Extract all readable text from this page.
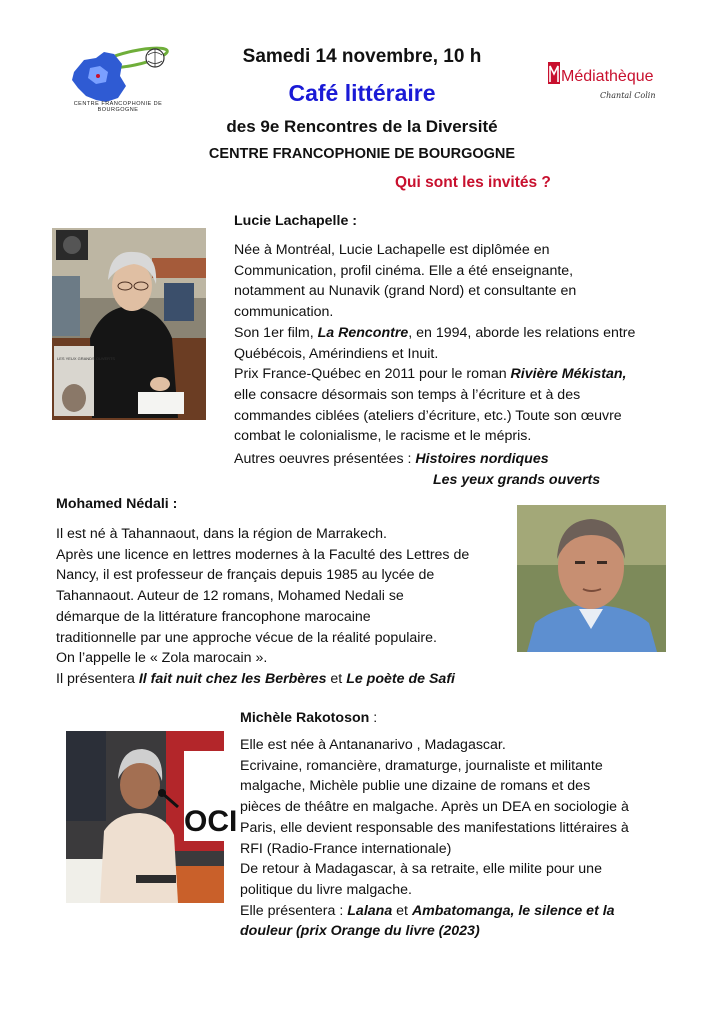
CENTRE FRANCOPHONIE DE BOURGOGNE
Médiathèque
Chantal Colin
Samedi 14 novembre, 10 h
Café littéraire
des 9e Rencontres de la Diversité
CENTRE FRANCOPHONIE DE BOURGOGNE
Qui sont les invités ?
Lucie Lachapelle :
LES YEUX GRANDS OUVERTS
Née à Montréal, Lucie Lachapelle est diplômée en
Communication, profil cinéma. Elle a été enseignante,
notamment au Nunavik (grand Nord) et consultante en
communication.
Son 1er film, La Rencontre, en 1994, aborde les relations entre
Québécois, Amérindiens et Inuit.
Prix France-Québec en 2011 pour le roman Rivière Mékistan,
elle consacre désormais son temps à l’écriture et à des
commandes ciblées (ateliers d’écriture, etc.) Toute son œuvre
combat le colonialisme, le racisme et le mépris.
Autres oeuvres présentées : Histoires nordiques
Les yeux grands ouverts
Mohamed Nédali :
Il est né à Tahannaout, dans la région de Marrakech.
Après une licence en lettres modernes à la Faculté des Lettres de
Nancy, il est professeur de français depuis 1985 au lycée de
Tahannaout. Auteur de 12 romans, Mohamed Nedali se
démarque de la littérature francophone marocaine
traditionnelle par une approche vécue de la réalité populaire.
On l’appelle le « Zola marocain ».
Il présentera Il fait nuit chez les Berbères et Le poète de Safi
Michèle Rakotoson :
OCI
Elle est née à Antananarivo , Madagascar.
Ecrivaine, romancière, dramaturge, journaliste et militante
malgache, Michèle publie une dizaine de romans et des
pièces de théâtre en malgache. Après un DEA en sociologie à
Paris, elle devient responsable des manifestations littéraires à
RFI (Radio-France internationale)
De retour à Madagascar, à sa retraite, elle milite pour une
politique du livre malgache.
Elle présentera : Lalana et Ambatomanga, le silence et la
douleur (prix Orange du livre (2023)
